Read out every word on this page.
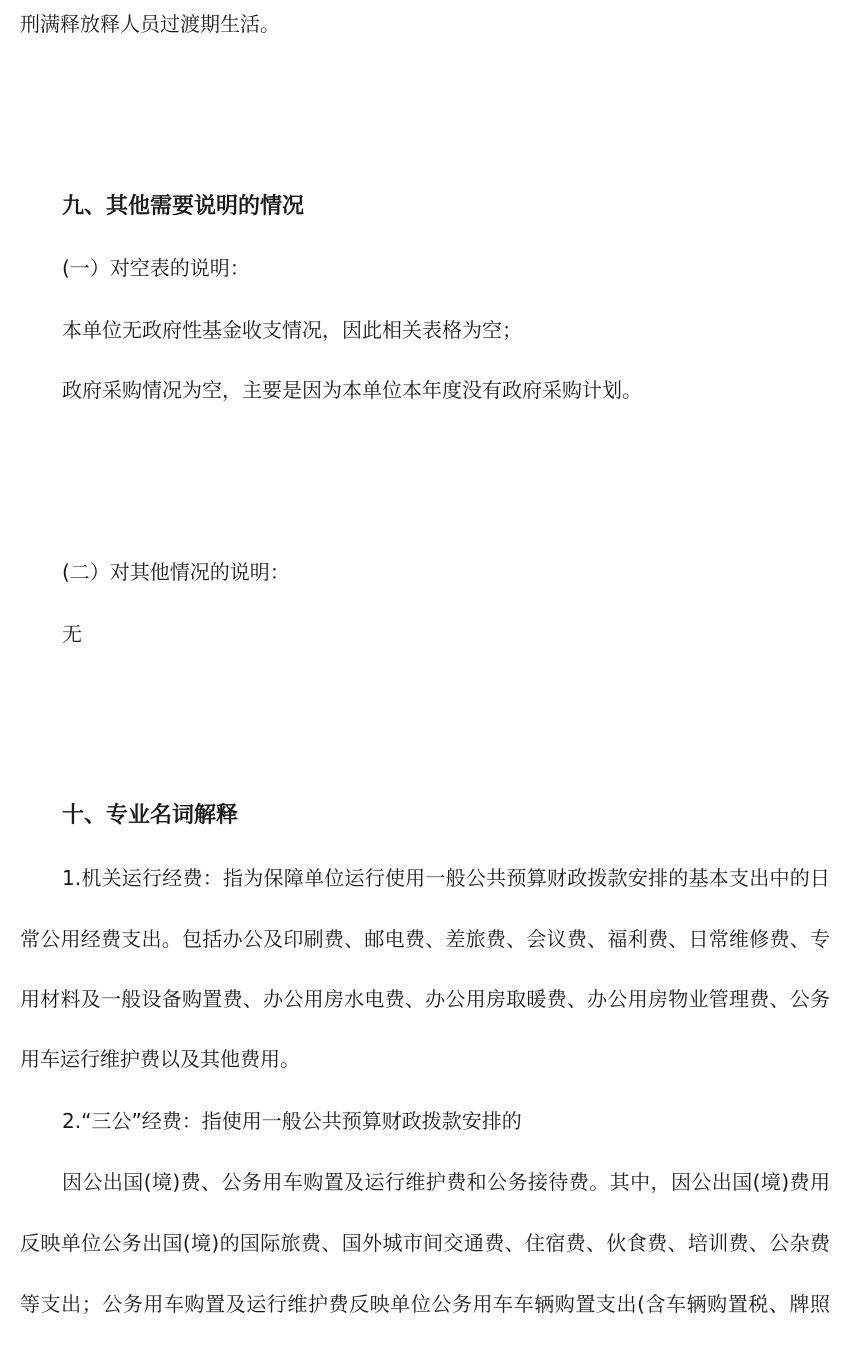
刑满释放释人员过渡期生活。

九、其他需要说明的情况

(一）对空表的说明：

本单位无政府性基金收支情况，因此相关表格为空；

政府采购情况为空，主要是因为本单位本年度没有政府采购计划。

(二）对其他情况的说明：

无

十、专业名词解释

1.机关运行经费：指为保障单位运行使用一般公共预算财政拨款安排的基本支出中的日

常公用经费支出。包括办公及印刷费、邮电费、差旅费、会议费、福利费、日常维修费、专

用材料及一般设备购置费、办公用房水电费、办公用房取暖费、办公用房物业管理费、公务

用车运行维护费以及其他费用。

2.“三公”经费：指使用一般公共预算财政拨款安排的

因公出国(境)费、公务用车购置及运行维护费和公务接待费。其中，因公出国(境)费用

反映单位公务出国(境)的国际旅费、国外城市间交通费、住宿费、伙食费、培训费、公杂费

等支出；公务用车购置及运行维护费反映单位公务用车车辆购置支出(含车辆购置税、牌照
